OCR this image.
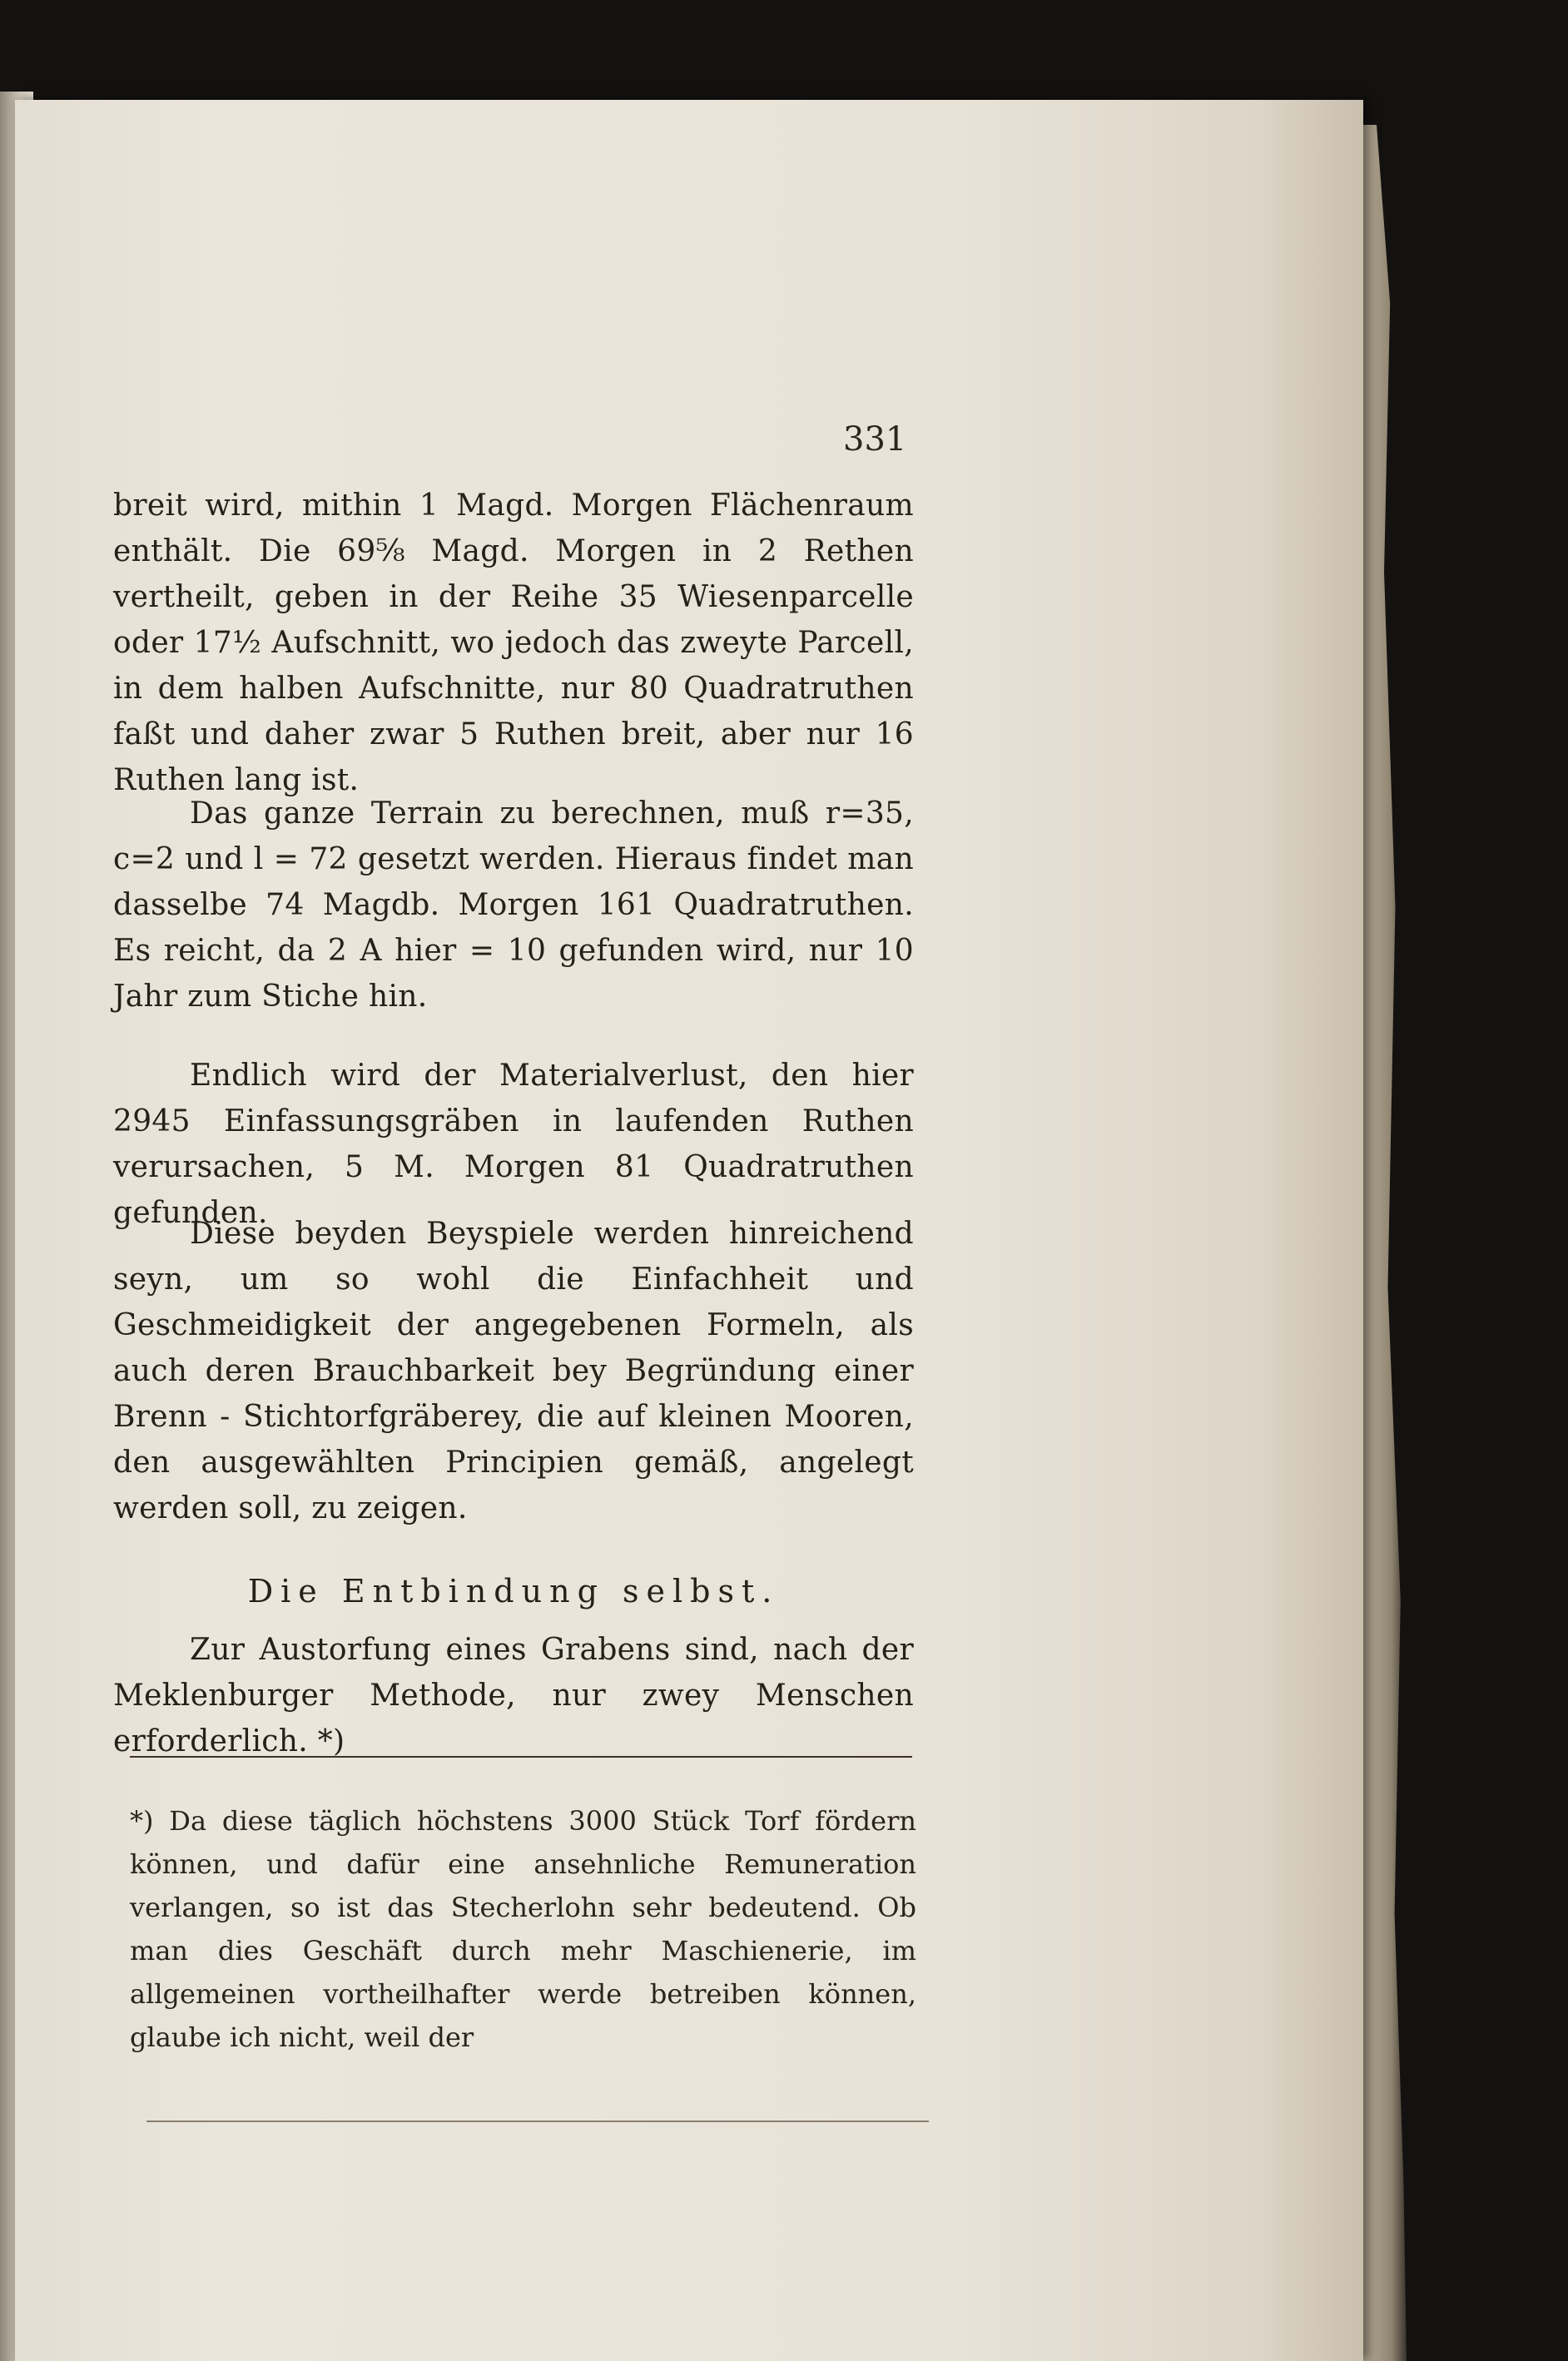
331

breit wird, mithin 1 Magd. Morgen Flächenraum enthält. Die 69⅝ Magd. Morgen in 2 Rethen vertheilt, geben in der Reihe 35 Wiesenparcelle oder 17½ Aufschnitt, wo jedoch das zweyte Parcell, in dem halben Aufschnitte, nur 80 Quadratruthen faßt und daher zwar 5 Ruthen breit, aber nur 16 Ruthen lang ist.

Das ganze Terrain zu berechnen, muß r=35, c=2 und l = 72 gesetzt werden. Hieraus findet man dasselbe 74 Magdb. Morgen 161 Quadratruthen. Es reicht, da 2 A hier = 10 gefunden wird, nur 10 Jahr zum Stiche hin.

Endlich wird der Materialverlust, den hier 2945 Einfassungsgräben in laufenden Ruthen verursachen, 5 M. Morgen 81 Quadratruthen gefunden.

Diese beyden Beyspiele werden hinreichend seyn, um so wohl die Einfachheit und Geschmeidigkeit der angegebenen Formeln, als auch deren Brauchbarkeit bey Begründung einer Brenn - Stichtorfgräberey, die auf kleinen Mooren, den ausgewählten Principien gemäß, angelegt werden soll, zu zeigen.

Die Entbindung selbst.

Zur Austorfung eines Grabens sind, nach der Meklenburger Methode, nur zwey Menschen erforderlich. *)

*) Da diese täglich höchstens 3000 Stück Torf fördern können, und dafür eine ansehnliche Remuneration verlangen, so ist das Stecherlohn sehr bedeutend. Ob man dies Geschäft durch mehr Maschienerie, im allgemeinen vortheilhafter werde betreiben können, glaube ich nicht, weil der
